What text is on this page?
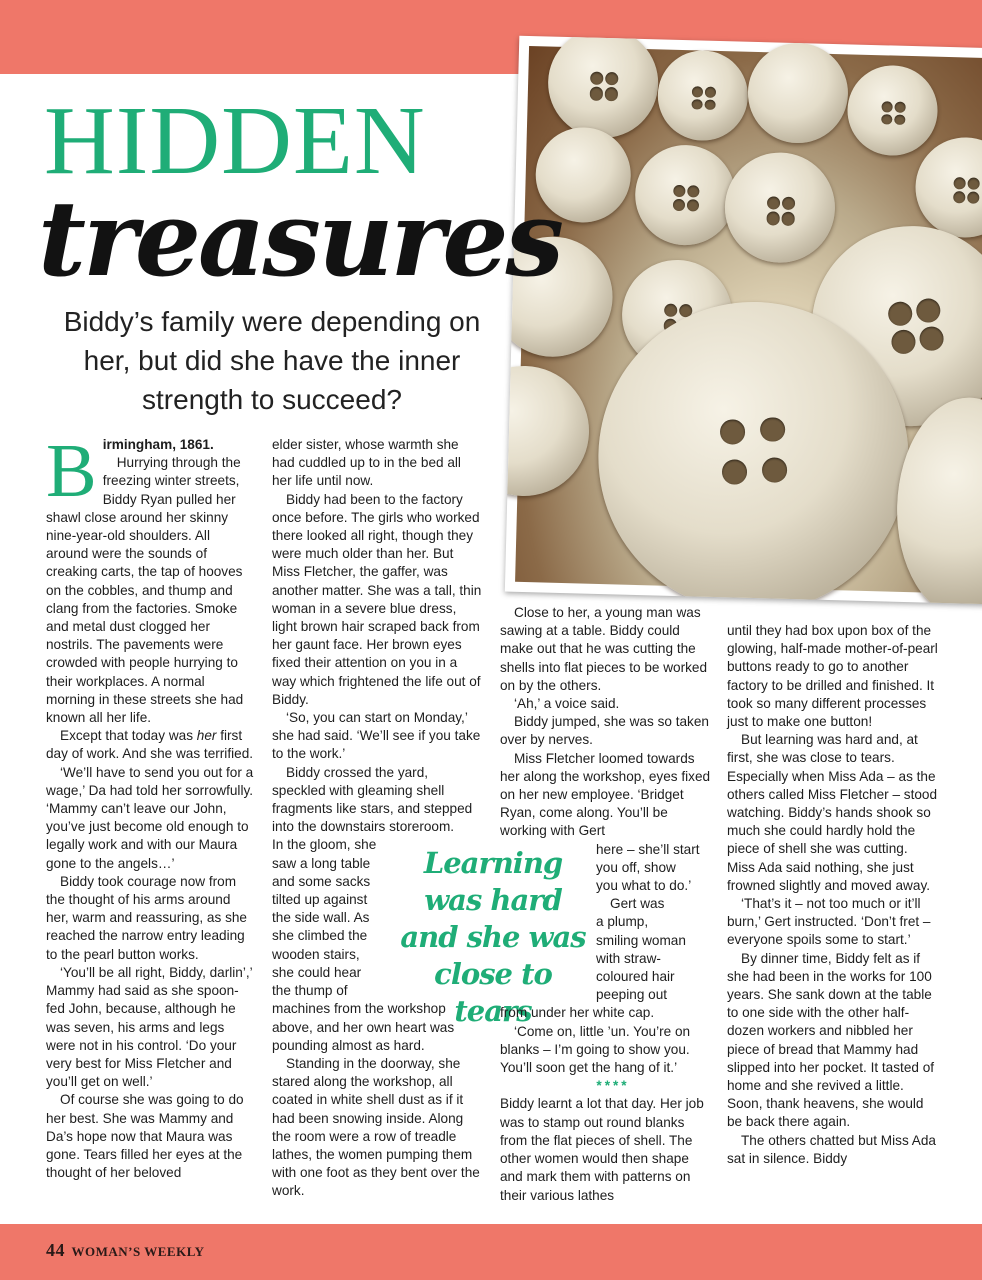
HIDDEN
treasures
Biddy’s family were depending on her, but did she have the inner strength to succeed?

Birmingham, 1861.
Hurrying through the freezing winter streets, Biddy Ryan pulled her shawl close around her skinny nine-year-old shoulders. All around were the sounds of creaking carts, the tap of hooves on the cobbles, and thump and clang from the factories. Smoke and metal dust clogged her nostrils. The pavements were crowded with people hurrying to their workplaces. A normal morning in these streets she had known all her life.

Except that today was her first day of work. And she was terrified.

‘We’ll have to send you out for a wage,’ Da had told her sorrowfully. ‘Mammy can’t leave our John, you’ve just become old enough to legally work and with our Maura gone to the angels…’

Biddy took courage now from the thought of his arms around her, warm and reassuring, as she reached the narrow entry leading to the pearl button works.

‘You’ll be all right, Biddy, darlin’,’ Mammy had said as she spoon-fed John, because, although he was seven, his arms and legs were not in his control. ‘Do your very best for Miss Fletcher and you’ll get on well.’

Of course she was going to do her best. She was Mammy and Da’s hope now that Maura was gone. Tears filled her eyes at the thought of her beloved

elder sister, whose warmth she had cuddled up to in the bed all her life until now.

Biddy had been to the factory once before. The girls who worked there looked all right, though they were much older than her. But Miss Fletcher, the gaffer, was another matter. She was a tall, thin woman in a severe blue dress, light brown hair scraped back from her gaunt face. Her brown eyes fixed their attention on you in a way which frightened the life out of Biddy.

‘So, you can start on Monday,’ she had said. ‘We’ll see if you take to the work.’

Biddy crossed the yard, speckled with gleaming shell fragments like stars, and stepped into the downstairs storeroom.

In the gloom, she
saw a long table
and some sacks
tilted up against
the side wall. As
she climbed the
wooden stairs,
she could hear
the thump of
machines from the workshop above, and her own heart was pounding almost as hard.

Standing in the doorway, she stared along the workshop, all coated in white shell dust as if it had been snowing inside. Along the room were a row of treadle lathes, the women pumping them with one foot as they bent over the work.

Learning was hard and she was close to tears

Close to her, a young man was sawing at a table. Biddy could make out that he was cutting the shells into flat pieces to be worked on by the others.

‘Ah,’ a voice said.

Biddy jumped, she was so taken over by nerves.

Miss Fletcher loomed towards her along the workshop, eyes fixed on her new employee. ‘Bridget Ryan, come along. You’ll be working with Gert

here – she’ll start
you off, show
you what to do.’
Gert was
a plump,
smiling woman
with straw-
coloured hair
peeping out

from under her white cap.

‘Come on, little ’un. You’re on blanks – I’m going to show you. You’ll soon get the hang of it.’

****

Biddy learnt a lot that day. Her job was to stamp out round blanks from the flat pieces of shell. The other women would then shape and mark them with patterns on their various lathes

until they had box upon box of the glowing, half-made mother-of-pearl buttons ready to go to another factory to be drilled and finished. It took so many different processes just to make one button!

But learning was hard and, at first, she was close to tears. Especially when Miss Ada – as the others called Miss Fletcher – stood watching. Biddy’s hands shook so much she could hardly hold the piece of shell she was cutting. Miss Ada said nothing, she just frowned slightly and moved away.

‘That’s it – not too much or it’ll burn,’ Gert instructed. ‘Don’t fret – everyone spoils some to start.’

By dinner time, Biddy felt as if she had been in the works for 100 years. She sank down at the table to one side with the other half-dozen workers and nibbled her piece of bread that Mammy had slipped into her pocket. It tasted of home and she revived a little. Soon, thank heavens, she would be back there again.

The others chatted but Miss Ada sat in silence. Biddy

44 WOMAN’S WEEKLY
